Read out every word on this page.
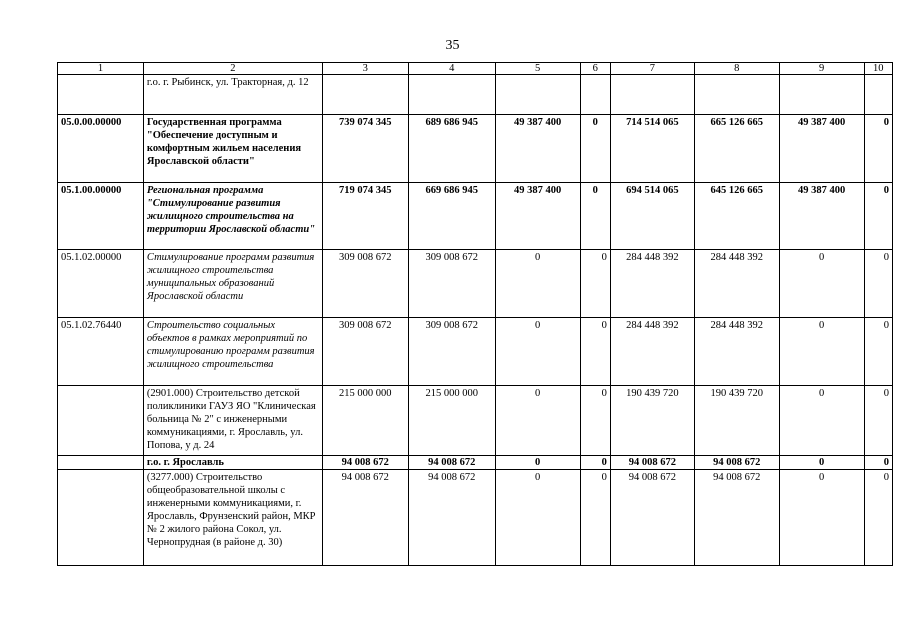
35
1	2	3	4	5	6	7	8	9	10
	г.о. г. Рыбинск, ул. Тракторная, д. 12								
05.0.00.00000	Государственная программа "Обеспечение доступным и комфортным жильем населения Ярославской области"	739 074 345	689 686 945	49 387 400	0	714 514 065	665 126 665	49 387 400	0
05.1.00.00000	Региональная программа "Стимулирование развития жилищного строительства на территории Ярославской области"	719 074 345	669 686 945	49 387 400	0	694 514 065	645 126 665	49 387 400	0
05.1.02.00000	Стимулирование программ развития жилищного строительства муниципальных образований Ярославской области	309 008 672	309 008 672	0	0	284 448 392	284 448 392	0	0
05.1.02.76440	Строительство социальных объектов в рамках мероприятий по стимулированию программ развития жилищного строительства	309 008 672	309 008 672	0	0	284 448 392	284 448 392	0	0
	(2901.000) Строительство детской поликлиники ГАУЗ ЯО "Клиническая больница № 2" с инженерными коммуникациями, г. Ярославль, ул. Попова, у д. 24	215 000 000	215 000 000	0	0	190 439 720	190 439 720	0	0
	г.о. г. Ярославль	94 008 672	94 008 672	0	0	94 008 672	94 008 672	0	0
	(3277.000) Строительство общеобразовательной школы с инженерными коммуникациями, г. Ярославль, Фрунзенский район, МКР № 2 жилого района Сокол, ул. Чернопрудная (в районе д. 30)	94 008 672	94 008 672	0	0	94 008 672	94 008 672	0	0
